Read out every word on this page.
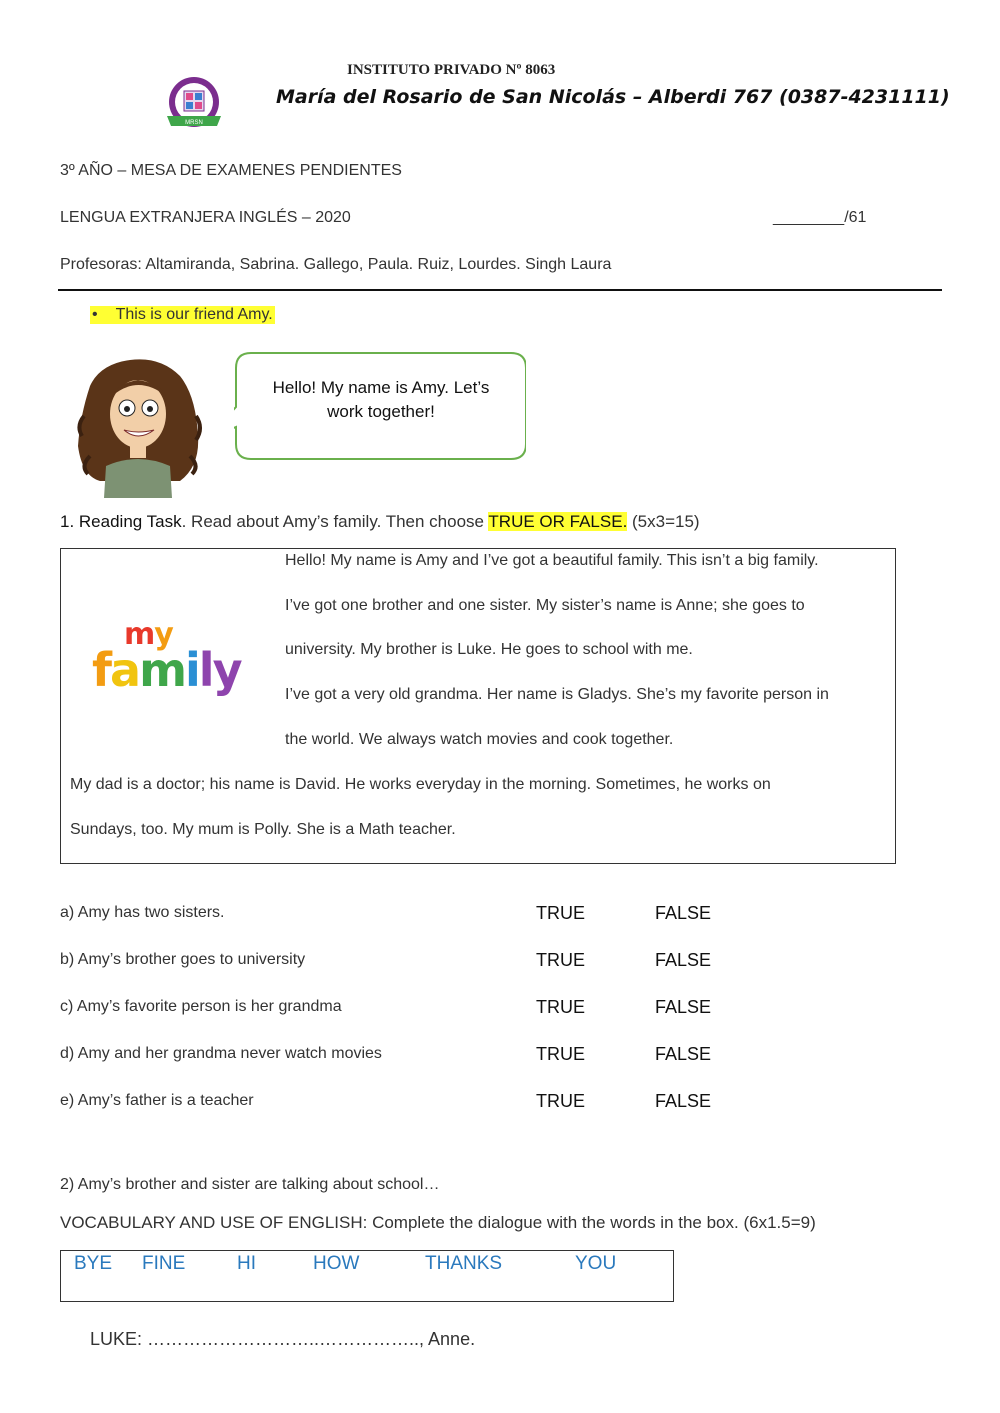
INSTITUTO PRIVADO Nº 8063
MRSN
María del Rosario de San Nicolás – Alberdi 767 (0387-4231111)
3º AÑO – MESA DE EXAMENES PENDIENTES
LENGUA EXTRANJERA INGLÉS – 2020	________/61
Profesoras: Altamiranda, Sabrina. Gallego, Paula. Ruiz, Lourdes. Singh Laura
• This is our friend Amy.
Hello! My name is Amy. Let’s work together!
1. Reading Task. Read about Amy’s family. Then choose TRUE OR FALSE. (5x3=15)
my
family
Hello! My name is Amy and I’ve got a beautiful family. This isn’t a big family.
I’ve got one brother and one sister. My sister’s name is Anne; she goes to
university. My brother is Luke. He goes to school with me.
I’ve got a very old grandma. Her name is Gladys. She’s my favorite person in
the world. We always watch movies and cook together.
My dad is a doctor; his name is David. He works everyday in the morning. Sometimes, he works on
Sundays, too. My mum is Polly. She is a Math teacher.
a) Amy has two sisters.	TRUE	FALSE
b) Amy’s brother goes to university	TRUE	FALSE
c) Amy’s favorite person is her grandma	TRUE	FALSE
d) Amy and her grandma never watch movies	TRUE	FALSE
e) Amy’s father is a teacher	TRUE	FALSE
2) Amy’s brother and sister are talking about school…
VOCABULARY AND USE OF ENGLISH: Complete the dialogue with the words in the box. (6x1.5=9)
BYE FINE	HI	HOW	THANKS	YOU
LUKE: ………………………..…………….., Anne.
